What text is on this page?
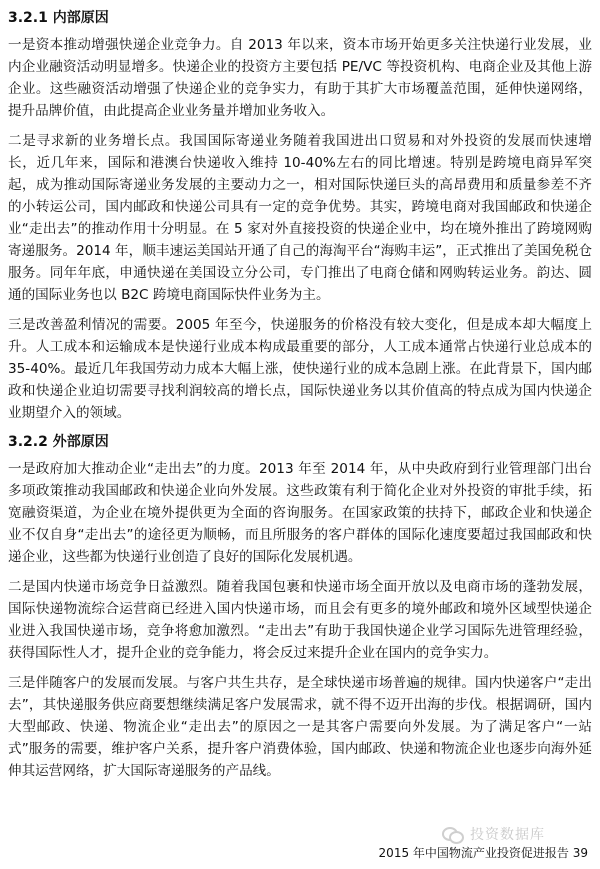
3.2.1 内部原因

一是资本推动增强快递企业竞争力。自 2013 年以来，资本市场开始更多关注快递行业发展，业内企业融资活动明显增多。快递企业的投资方主要包括 PE/VC 等投资机构、电商企业及其他上游企业。这些融资活动增强了快递企业的竞争实力，有助于其扩大市场覆盖范围，延伸快递网络，提升品牌价值，由此提高企业业务量并增加业务收入。

二是寻求新的业务增长点。我国国际寄递业务随着我国进出口贸易和对外投资的发展而快速增长，近几年来，国际和港澳台快递收入维持 10-40%左右的同比增速。特别是跨境电商异军突起，成为推动国际寄递业务发展的主要动力之一，相对国际快递巨头的高昂费用和质量参差不齐的小转运公司，国内邮政和快递公司具有一定的竞争优势。其实，跨境电商对我国邮政和快递企业“走出去”的推动作用十分明显。在 5 家对外直接投资的快递企业中，均在境外推出了跨境网购寄递服务。2014 年，顺丰速运美国站开通了自己的海淘平台“海购丰运”，正式推出了美国免税仓服务。同年年底，申通快递在美国设立分公司，专门推出了电商仓储和网购转运业务。韵达、圆通的国际业务也以 B2C 跨境电商国际快件业务为主。

三是改善盈利情况的需要。2005 年至今，快递服务的价格没有较大变化，但是成本却大幅度上升。人工成本和运输成本是快递行业成本构成最重要的部分，人工成本通常占快递行业总成本的 35-40%。最近几年我国劳动力成本大幅上涨，使快递行业的成本急剧上涨。在此背景下，国内邮政和快递企业迫切需要寻找利润较高的增长点，国际快递业务以其价值高的特点成为国内快递企业期望介入的领域。

3.2.2 外部原因

一是政府加大推动企业“走出去”的力度。2013 年至 2014 年，从中央政府到行业管理部门出台多项政策推动我国邮政和快递企业向外发展。这些政策有利于简化企业对外投资的审批手续，拓宽融资渠道，为企业在境外提供更为全面的咨询服务。在国家政策的扶持下，邮政企业和快递企业不仅自身“走出去”的途径更为顺畅，而且所服务的客户群体的国际化速度要超过我国邮政和快递企业，这些都为快递行业创造了良好的国际化发展机遇。

二是国内快递市场竞争日益激烈。随着我国包裹和快递市场全面开放以及电商市场的蓬勃发展，国际快递物流综合运营商已经进入国内快递市场，而且会有更多的境外邮政和境外区域型快递企业进入我国快递市场，竞争将愈加激烈。“走出去”有助于我国快递企业学习国际先进管理经验，获得国际性人才，提升企业的竞争能力，将会反过来提升企业在国内的竞争实力。

三是伴随客户的发展而发展。与客户共生共存，是全球快递市场普遍的规律。国内快递客户“走出去”，其快递服务供应商要想继续满足客户发展需求，就不得不迈开出海的步伐。根据调研，国内大型邮政、快递、物流企业“走出去”的原因之一是其客户需要向外发展。为了满足客户“一站式”服务的需要，维护客户关系，提升客户消费体验，国内邮政、快递和物流企业也逐步向海外延伸其运营网络，扩大国际寄递服务的产品线。

投资数据库
2015 年中国物流产业投资促进报告 39
